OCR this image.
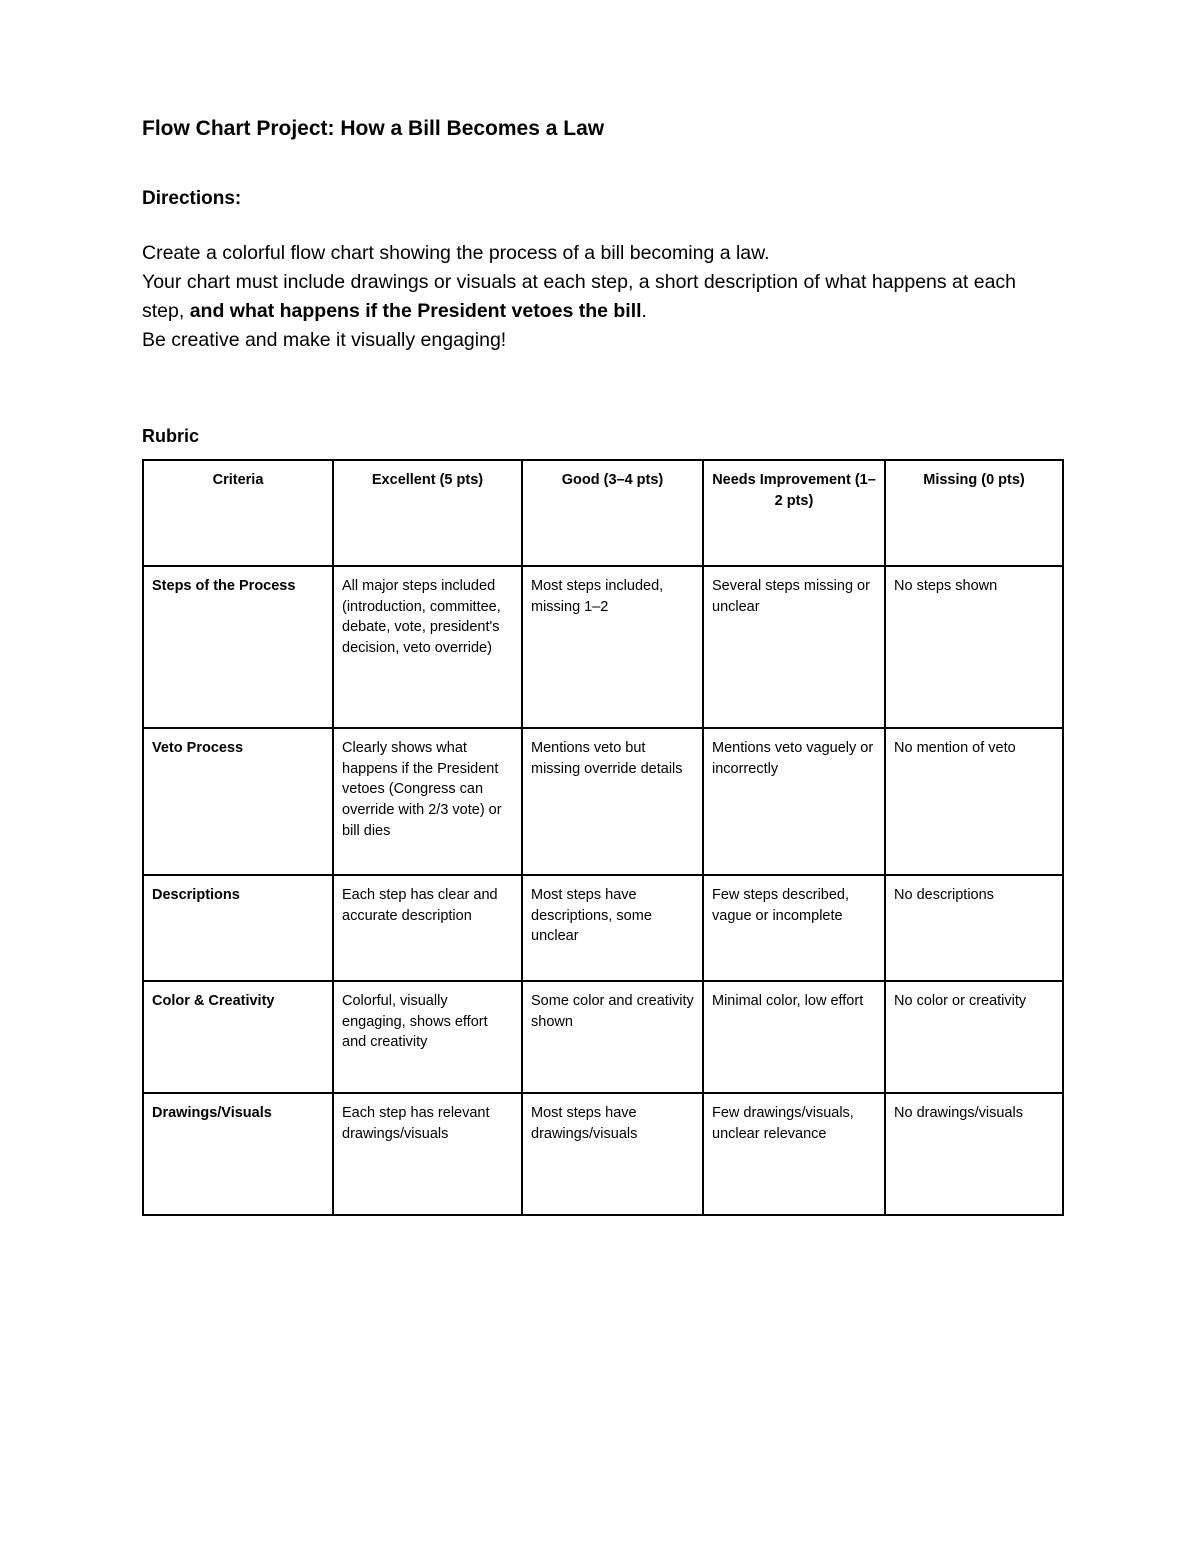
Flow Chart Project: How a Bill Becomes a Law
Directions:

Create a colorful flow chart showing the process of a bill becoming a law.

Your chart must include drawings or visuals at each step, a short description of what happens at each step, and what happens if the President vetoes the bill.

Be creative and make it visually engaging!

Rubric
Criteria	Excellent (5 pts)	Good (3–4 pts)	Needs Improvement (1–2 pts)	Missing (0 pts)
Steps of the Process	All major steps included (introduction, committee, debate, vote, president's decision, veto override)	Most steps included, missing 1–2	Several steps missing or unclear	No steps shown
Veto Process	Clearly shows what happens if the President vetoes (Congress can override with 2/3 vote) or bill dies	Mentions veto but missing override details	Mentions veto vaguely or incorrectly	No mention of veto
Descriptions	Each step has clear and accurate description	Most steps have descriptions, some unclear	Few steps described, vague or incomplete	No descriptions
Color & Creativity	Colorful, visually engaging, shows effort and creativity	Some color and creativity shown	Minimal color, low effort	No color or creativity
Drawings/Visuals	Each step has relevant drawings/visuals	Most steps have drawings/visuals	Few drawings/visuals, unclear relevance	No drawings/visuals
